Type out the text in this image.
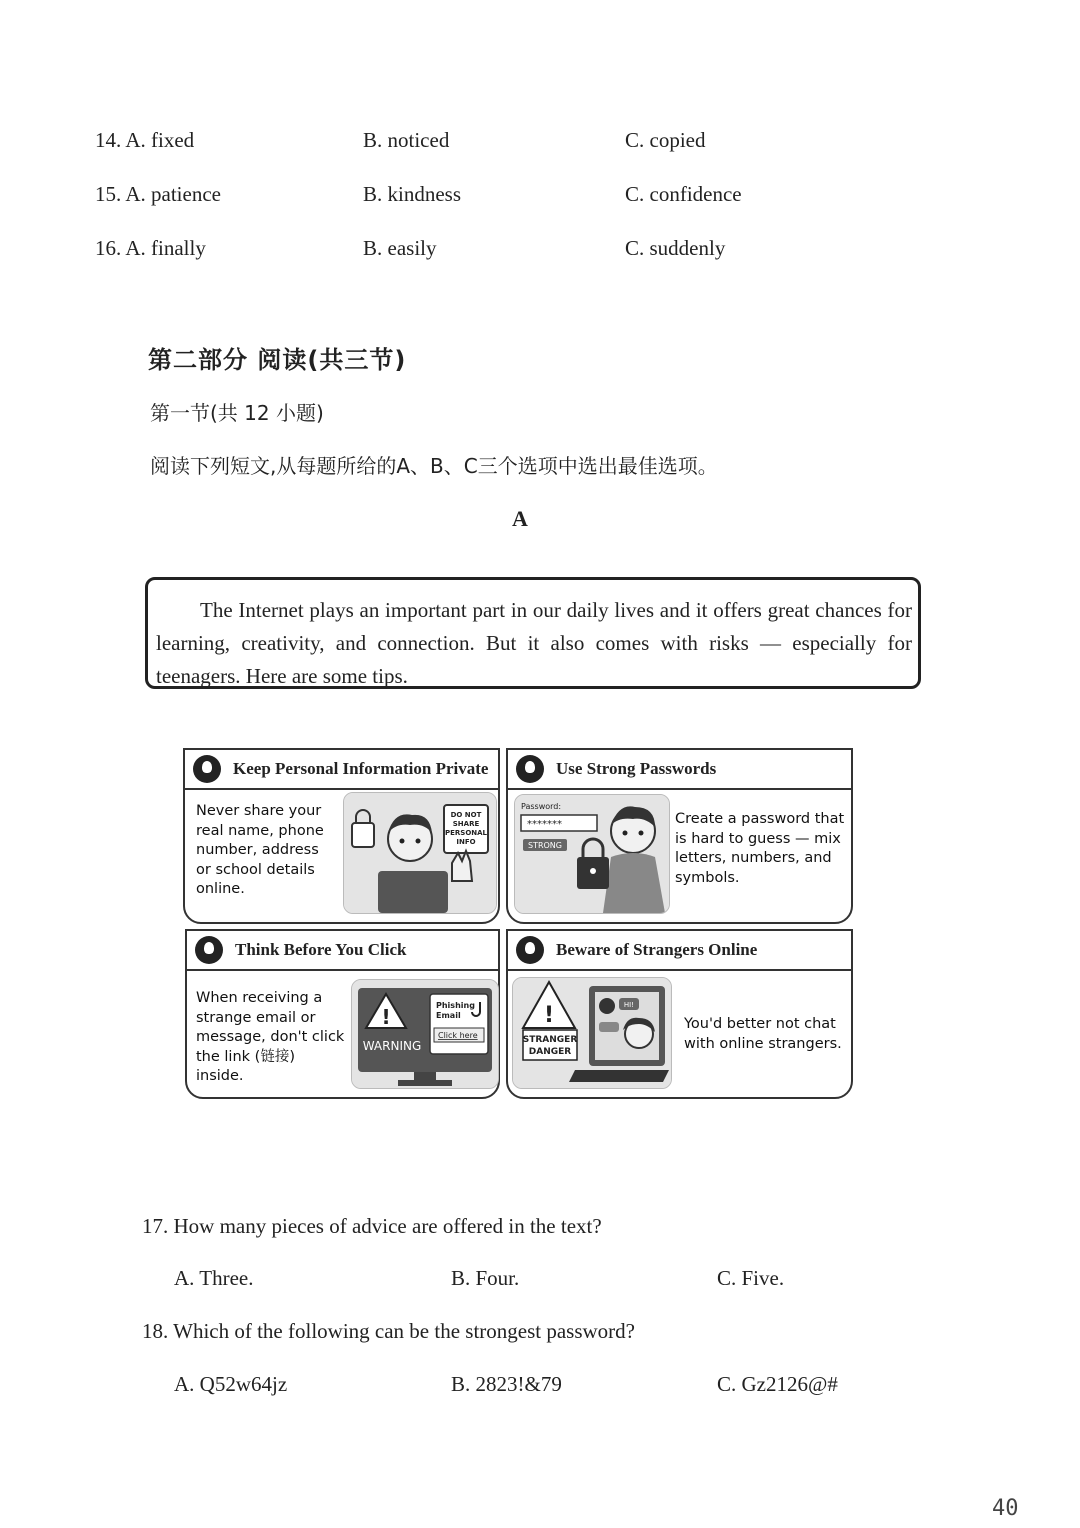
14. A. fixed	B. noticed	C. copied
15. A. patience	B. kindness	C. confidence
16. A. finally	B. easily	C. suddenly
第二部分 阅读(共三节)
第一节(共 12 小题)
阅读下列短文,从每题所给的A、B、C三个选项中选出最佳选项。
A
The Internet plays an important part in our daily lives and it offers great chances for learning, creativity, and connection. But it also comes with risks — especially for teenagers. Here are some tips.
Keep Personal Information Private
Never share your real name, phone number, address or school details online.
DO NOT
SHARE
PERSONAL
INFO
Use Strong Passwords
Password:
*******
STRONG
Create a password that is hard to guess — mix letters, numbers, and symbols.
Think Before You Click
When receiving a strange email or message, don't click the link (链接) inside.
!
WARNING
Phishing
Email
Click here
Beware of Strangers Online
!
STRANGER
DANGER
HI!
You'd better not chat with online strangers.
17. How many pieces of advice are offered in the text?
A. Three.	B. Four.	C. Five.
18. Which of the following can be the strongest password?
A. Q52w64jz	B. 2823!&79	C. Gz2126@#
40
